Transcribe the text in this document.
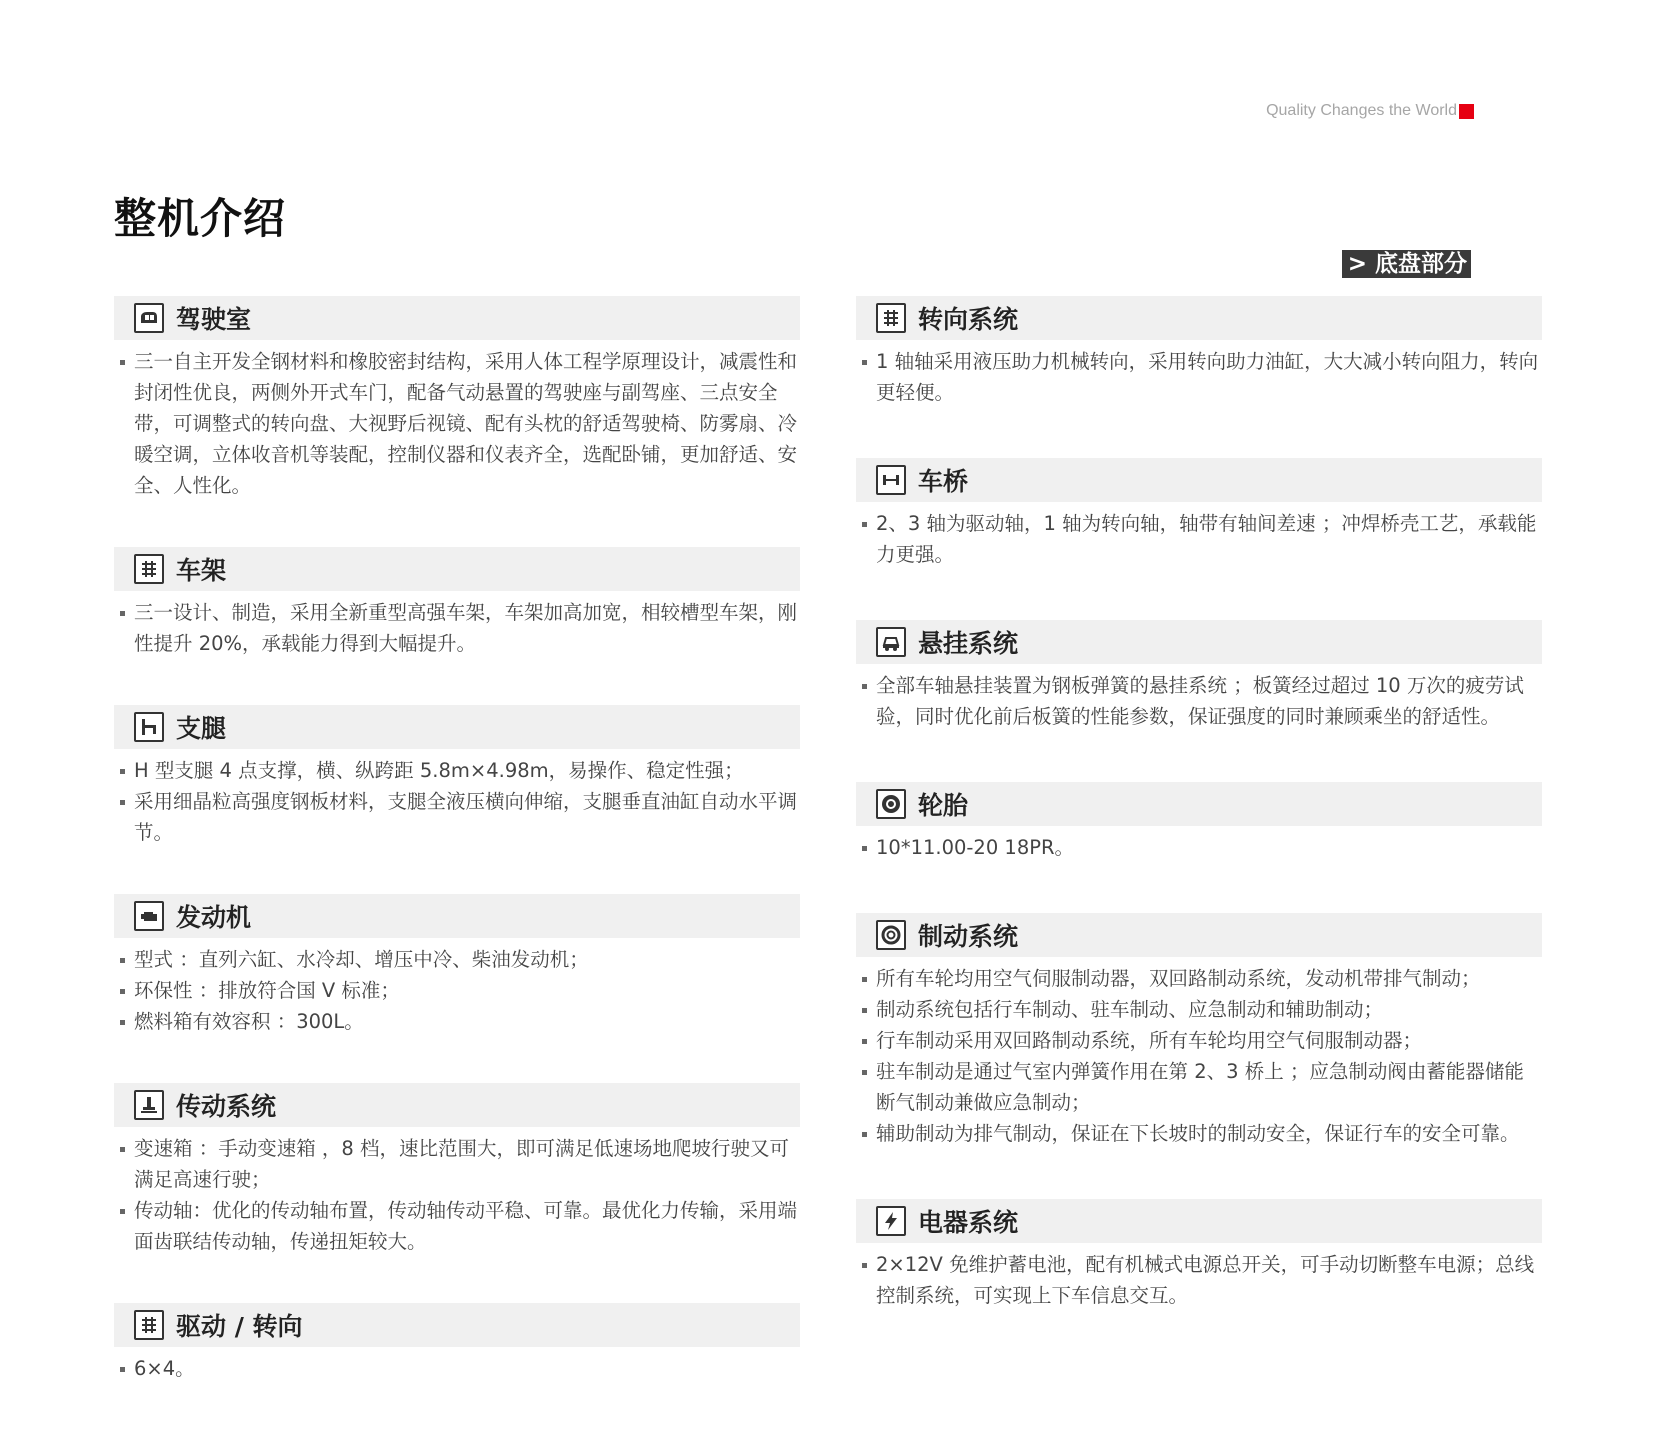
Quality Changes the World
整机介绍
> 底盘部分
驾驶室
三一自主开发全钢材料和橡胶密封结构，采用人体工程学原理设计，减震性和封闭性优良，两侧外开式车门，配备气动悬置的驾驶座与副驾座、三点安全带，可调整式的转向盘、大视野后视镜、配有头枕的舒适驾驶椅、防雾扇、冷暖空调，立体收音机等装配，控制仪器和仪表齐全，选配卧铺，更加舒适、安全、人性化。
车架
三一设计、制造，采用全新重型高强车架，车架加高加宽，相较槽型车架，刚性提升 20%，承载能力得到大幅提升。
支腿
H 型支腿 4 点支撑，横、纵跨距 5.8m×4.98m，易操作、稳定性强；
采用细晶粒高强度钢板材料，支腿全液压横向伸缩，支腿垂直油缸自动水平调节。
发动机
型式 ：直列六缸、水冷却、增压中冷、柴油发动机；
环保性 ：排放符合国 V 标准；
燃料箱有效容积 ：300L。
传动系统
变速箱 ：手动变速箱 ，8 档，速比范围大，即可满足低速场地爬坡行驶又可满足高速行驶；
传动轴：优化的传动轴布置，传动轴传动平稳、可靠。最优化力传输，采用端面齿联结传动轴，传递扭矩较大。
驱动 / 转向
6×4。
转向系统
1 轴轴采用液压助力机械转向，采用转向助力油缸，大大减小转向阻力，转向更轻便。
车桥
2、3 轴为驱动轴，1 轴为转向轴，轴带有轴间差速 ；冲焊桥壳工艺，承载能力更强。
悬挂系统
全部车轴悬挂装置为钢板弹簧的悬挂系统 ；板簧经过超过 10 万次的疲劳试验，同时优化前后板簧的性能参数，保证强度的同时兼顾乘坐的舒适性。
轮胎
10*11.00-20 18PR。
制动系统
所有车轮均用空气伺服制动器，双回路制动系统，发动机带排气制动；
制动系统包括行车制动、驻车制动、应急制动和辅助制动；
行车制动采用双回路制动系统，所有车轮均用空气伺服制动器；
驻车制动是通过气室内弹簧作用在第 2、3 桥上 ；应急制动阀由蓄能器储能断气制动兼做应急制动；
辅助制动为排气制动，保证在下长坡时的制动安全，保证行车的安全可靠。
电器系统
2×12V 免维护蓄电池，配有机械式电源总开关，可手动切断整车电源；总线控制系统，可实现上下车信息交互。
